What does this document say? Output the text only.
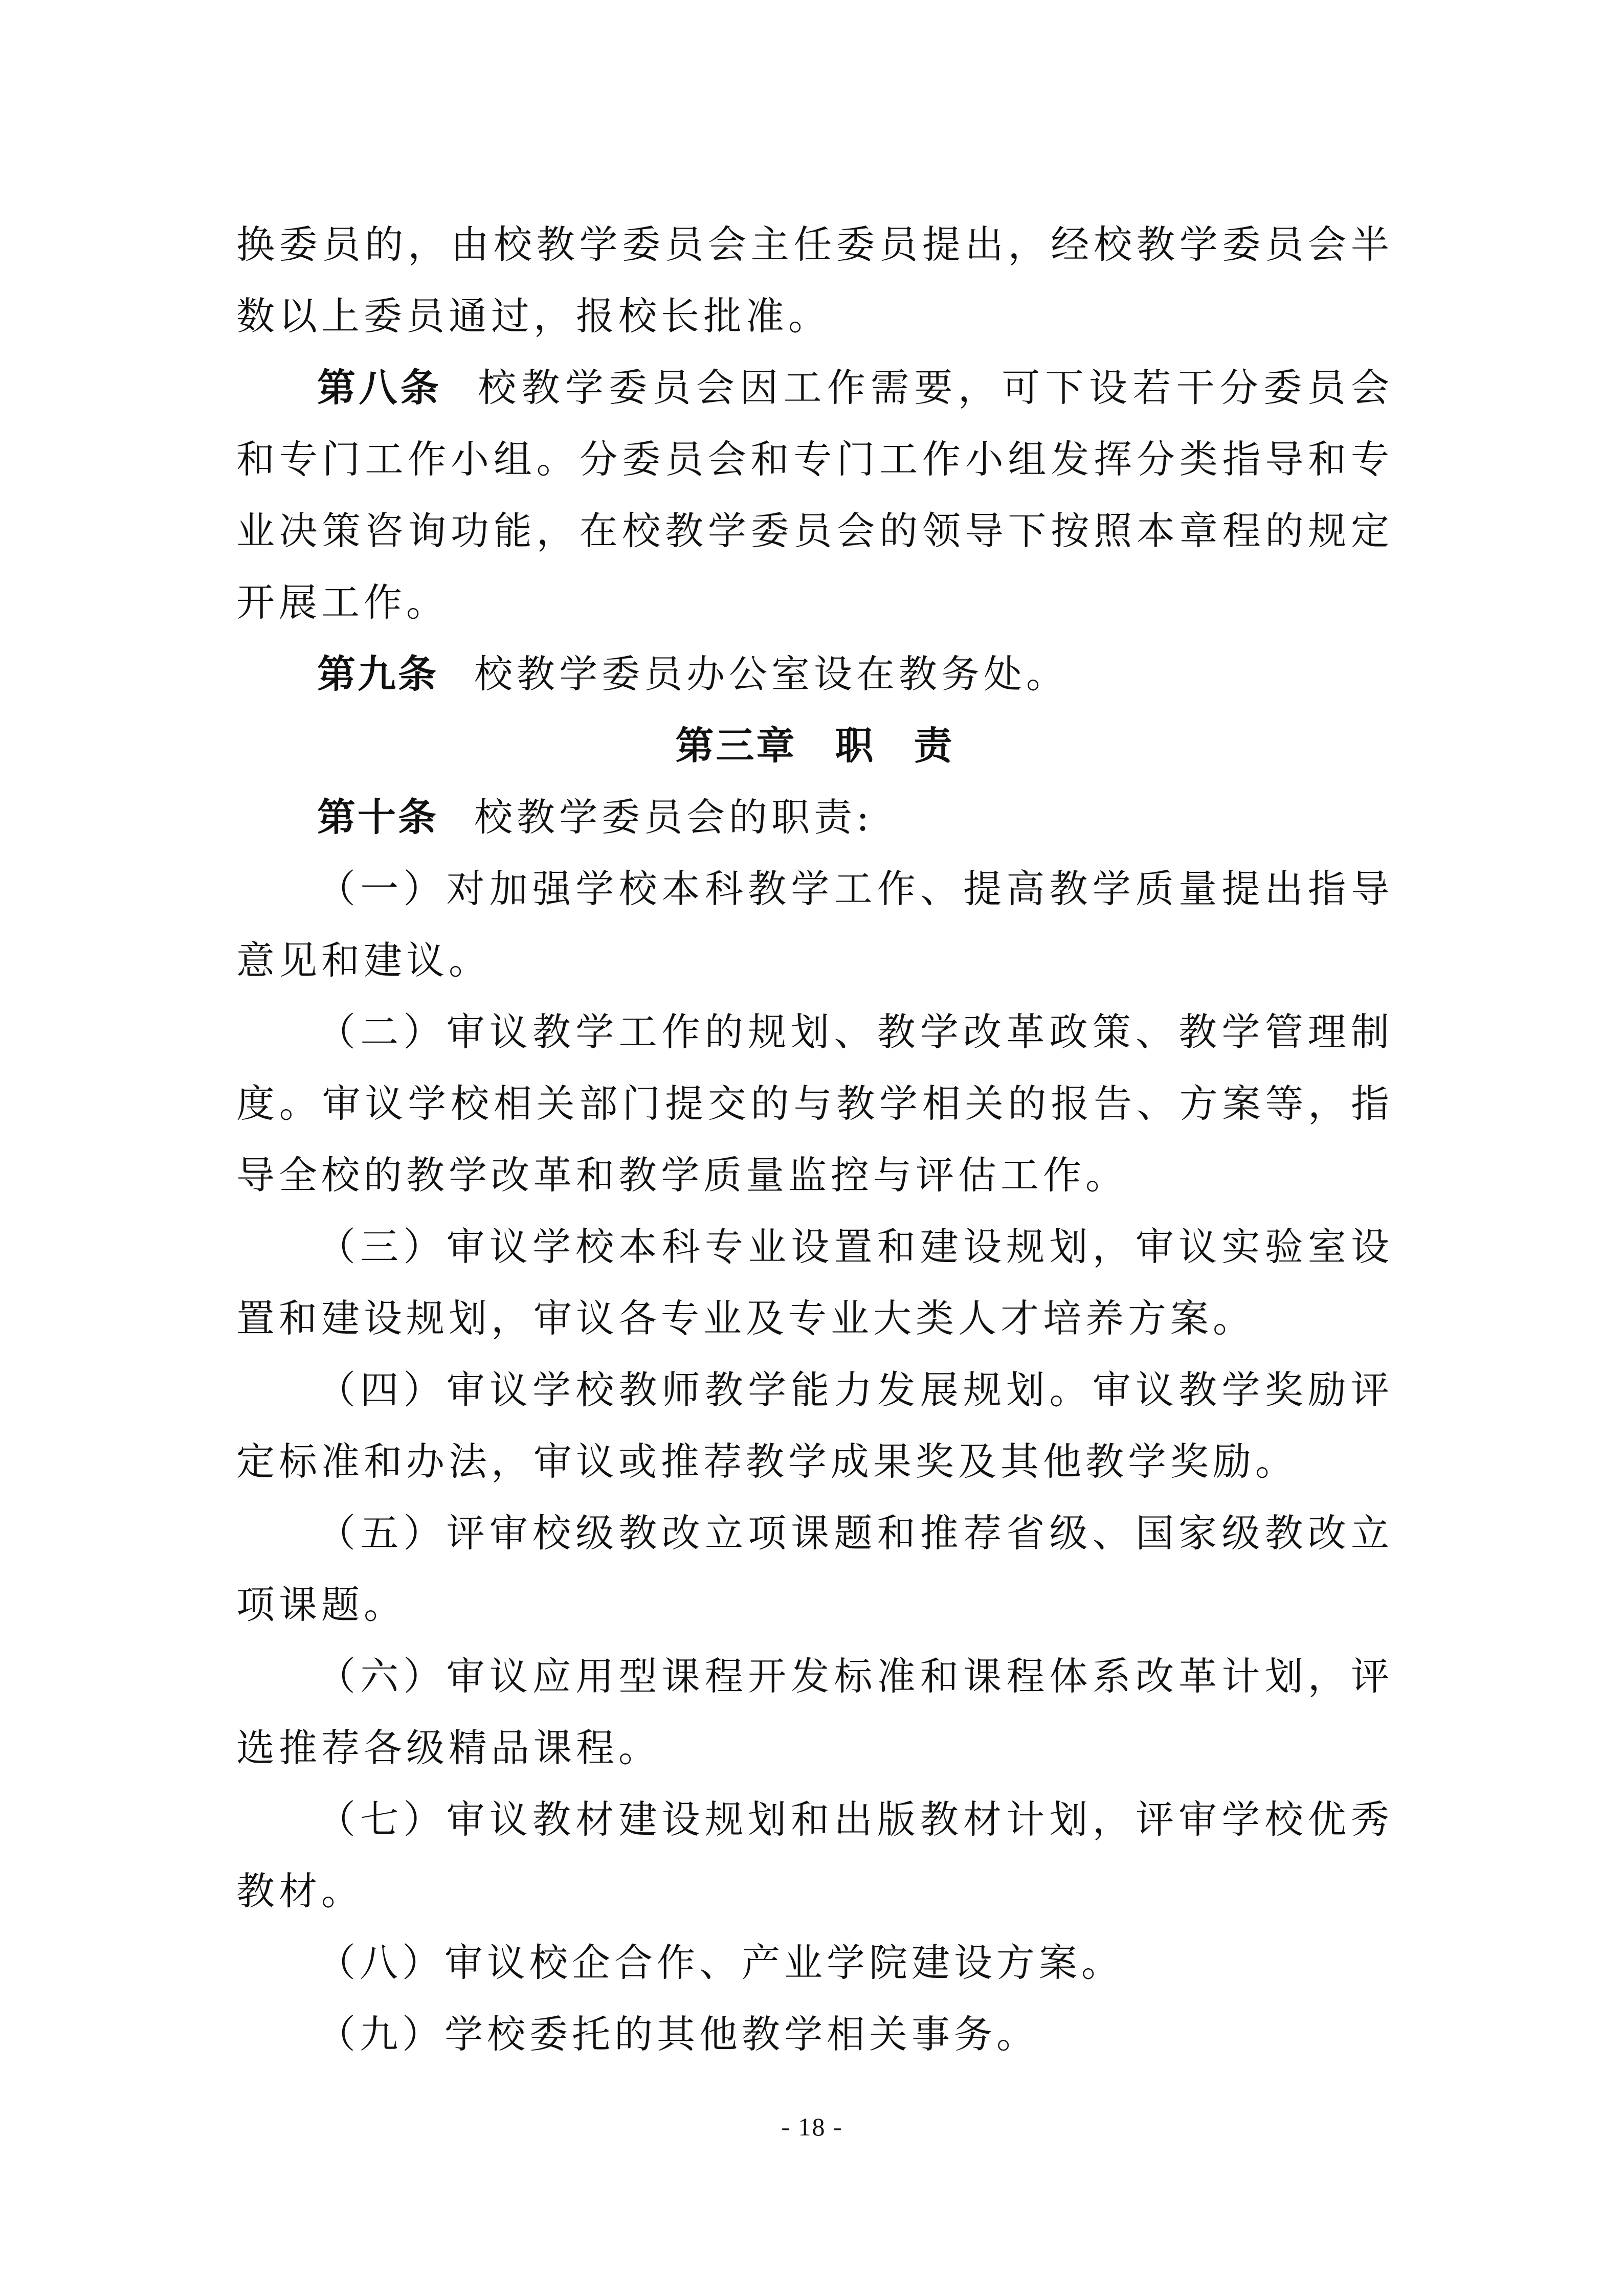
换委员的，由校教学委员会主任委员提出，经校教学委员会半数以上委员通过，报校长批准。

第八条 校教学委员会因工作需要，可下设若干分委员会和专门工作小组。分委员会和专门工作小组发挥分类指导和专业决策咨询功能，在校教学委员会的领导下按照本章程的规定开展工作。

第九条 校教学委员办公室设在教务处。

第三章 职 责

第十条 校教学委员会的职责:

（一）对加强学校本科教学工作、提高教学质量提出指导意见和建议。

（二）审议教学工作的规划、教学改革政策、教学管理制度。审议学校相关部门提交的与教学相关的报告、方案等，指导全校的教学改革和教学质量监控与评估工作。

（三）审议学校本科专业设置和建设规划，审议实验室设置和建设规划，审议各专业及专业大类人才培养方案。

（四）审议学校教师教学能力发展规划。审议教学奖励评定标准和办法，审议或推荐教学成果奖及其他教学奖励。

（五）评审校级教改立项课题和推荐省级、国家级教改立项课题。

（六）审议应用型课程开发标准和课程体系改革计划，评选推荐各级精品课程。

（七）审议教材建设规划和出版教材计划，评审学校优秀教材。

（八）审议校企合作、产业学院建设方案。

（九）学校委托的其他教学相关事务。

- 18 -
